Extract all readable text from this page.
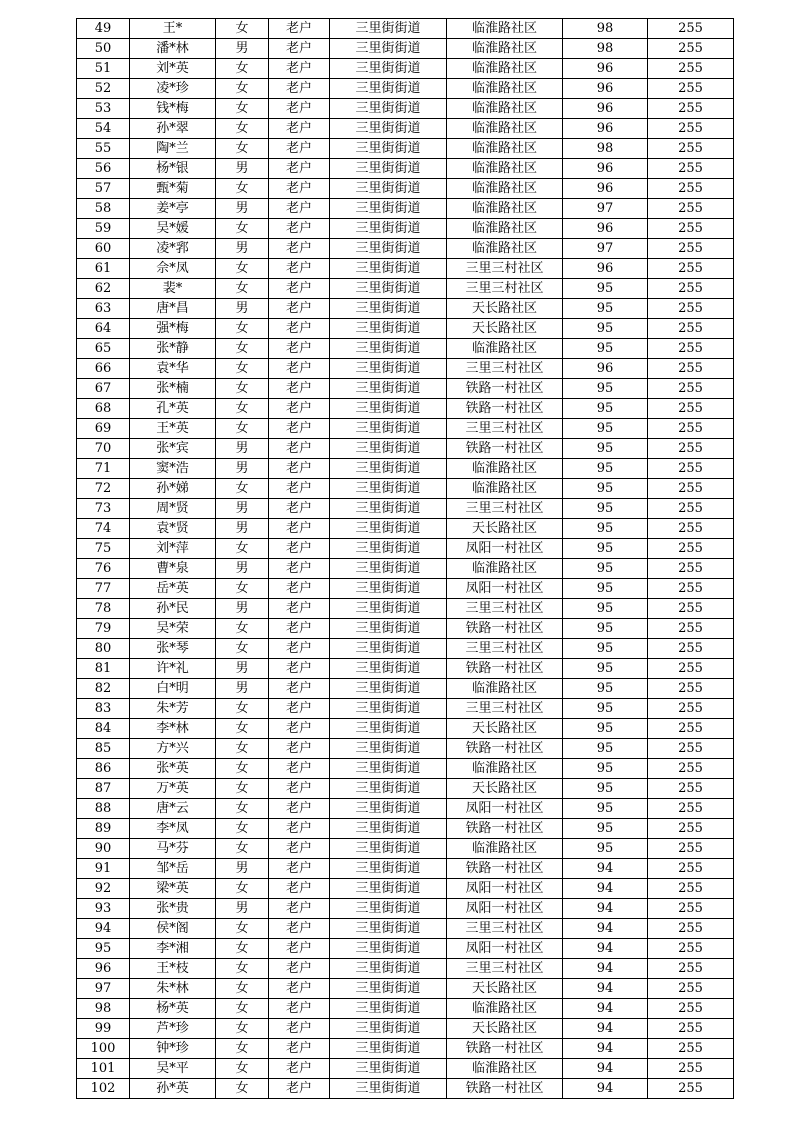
49	王*	女	老户	三里街街道	临淮路社区	98	255
50	潘*林	男	老户	三里街街道	临淮路社区	98	255
51	刘*英	女	老户	三里街街道	临淮路社区	96	255
52	凌*珍	女	老户	三里街街道	临淮路社区	96	255
53	钱*梅	女	老户	三里街街道	临淮路社区	96	255
54	孙*翠	女	老户	三里街街道	临淮路社区	96	255
55	陶*兰	女	老户	三里街街道	临淮路社区	98	255
56	杨*银	男	老户	三里街街道	临淮路社区	96	255
57	甄*菊	女	老户	三里街街道	临淮路社区	96	255
58	姜*亭	男	老户	三里街街道	临淮路社区	97	255
59	吴*媛	女	老户	三里街街道	临淮路社区	96	255
60	凌*郛	男	老户	三里街街道	临淮路社区	97	255
61	佘*凤	女	老户	三里街街道	三里三村社区	96	255
62	裴*	女	老户	三里街街道	三里三村社区	95	255
63	唐*昌	男	老户	三里街街道	天长路社区	95	255
64	强*梅	女	老户	三里街街道	天长路社区	95	255
65	张*静	女	老户	三里街街道	临淮路社区	95	255
66	袁*华	女	老户	三里街街道	三里三村社区	96	255
67	张*楠	女	老户	三里街街道	铁路一村社区	95	255
68	孔*英	女	老户	三里街街道	铁路一村社区	95	255
69	王*英	女	老户	三里街街道	三里三村社区	95	255
70	张*宾	男	老户	三里街街道	铁路一村社区	95	255
71	窦*浩	男	老户	三里街街道	临淮路社区	95	255
72	孙*娣	女	老户	三里街街道	临淮路社区	95	255
73	周*贤	男	老户	三里街街道	三里三村社区	95	255
74	袁*贤	男	老户	三里街街道	天长路社区	95	255
75	刘*萍	女	老户	三里街街道	凤阳一村社区	95	255
76	曹*泉	男	老户	三里街街道	临淮路社区	95	255
77	岳*英	女	老户	三里街街道	凤阳一村社区	95	255
78	孙*民	男	老户	三里街街道	三里三村社区	95	255
79	吴*荣	女	老户	三里街街道	铁路一村社区	95	255
80	张*琴	女	老户	三里街街道	三里三村社区	95	255
81	许*礼	男	老户	三里街街道	铁路一村社区	95	255
82	白*明	男	老户	三里街街道	临淮路社区	95	255
83	朱*芳	女	老户	三里街街道	三里三村社区	95	255
84	李*林	女	老户	三里街街道	天长路社区	95	255
85	方*兴	女	老户	三里街街道	铁路一村社区	95	255
86	张*英	女	老户	三里街街道	临淮路社区	95	255
87	万*英	女	老户	三里街街道	天长路社区	95	255
88	唐*云	女	老户	三里街街道	凤阳一村社区	95	255
89	李*凤	女	老户	三里街街道	铁路一村社区	95	255
90	马*芬	女	老户	三里街街道	临淮路社区	95	255
91	邹*岳	男	老户	三里街街道	铁路一村社区	94	255
92	梁*英	女	老户	三里街街道	凤阳一村社区	94	255
93	张*贵	男	老户	三里街街道	凤阳一村社区	94	255
94	侯*阁	女	老户	三里街街道	三里三村社区	94	255
95	李*湘	女	老户	三里街街道	凤阳一村社区	94	255
96	王*枝	女	老户	三里街街道	三里三村社区	94	255
97	朱*林	女	老户	三里街街道	天长路社区	94	255
98	杨*英	女	老户	三里街街道	临淮路社区	94	255
99	芦*珍	女	老户	三里街街道	天长路社区	94	255
100	钟*珍	女	老户	三里街街道	铁路一村社区	94	255
101	吴*平	女	老户	三里街街道	临淮路社区	94	255
102	孙*英	女	老户	三里街街道	铁路一村社区	94	255
